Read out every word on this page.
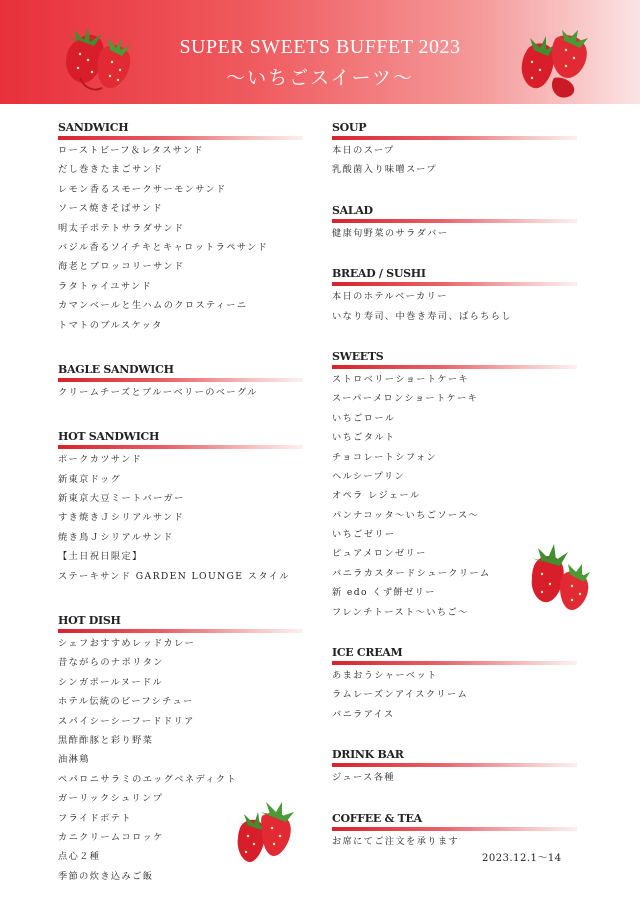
SUPER SWEETS BUFFET 2023
〜いちごスイーツ〜
SANDWICH
ローストビーフ＆レタスサンド
だし巻きたまごサンド
レモン香るスモークサーモンサンド
ソース焼きそばサンド
明太子ポテトサラダサンド
バジル香るソイチキとキャロットラペサンド
海老とブロッコリーサンド
ラタトゥイユサンド
カマンベールと生ハムのクロスティーニ
トマトのブルスケッタ
BAGLE SANDWICH
クリームチーズとブルーベリーのベーグル
HOT SANDWICH
ポークカツサンド
新東京ドッグ
新東京大豆ミートバーガー
すき焼きＪシリアルサンド
焼き鳥Ｊシリアルサンド
【土日祝日限定】
ステーキサンド GARDEN LOUNGE スタイル
HOT DISH
シェフおすすめレッドカレー
昔ながらのナポリタン
シンガポールヌードル
ホテル伝統のビーフシチュー
スパイシーシーフードドリア
黒酢酢豚と彩り野菜
油淋鶏
ペパロニサラミのエッグベネディクト
ガーリックシュリンプ
フライドポテト
カニクリームコロッケ
点心２種
季節の炊き込みご飯
SOUP
本日のスープ
乳酸菌入り味噌スープ
SALAD
健康旬野菜のサラダバー
BREAD / SUSHI
本日のホテルベーカリー
いなり寿司、中巻き寿司、ばらちらし
SWEETS
ストロベリーショートケーキ
スーパーメロンショートケーキ
いちごロール
いちごタルト
チョコレートシフォン
ヘルシープリン
オペラ レジェール
パンナコッタ〜いちごソース〜
いちごゼリー
ピュアメロンゼリー
バニラカスタードシュークリーム
新 edo くず餅ゼリー
フレンチトースト〜いちご〜
ICE CREAM
あまおうシャーベット
ラムレーズンアイスクリーム
バニラアイス
DRINK BAR
ジュース各種
COFFEE & TEA
お席にてご注文を承ります
2023.12.1〜14
